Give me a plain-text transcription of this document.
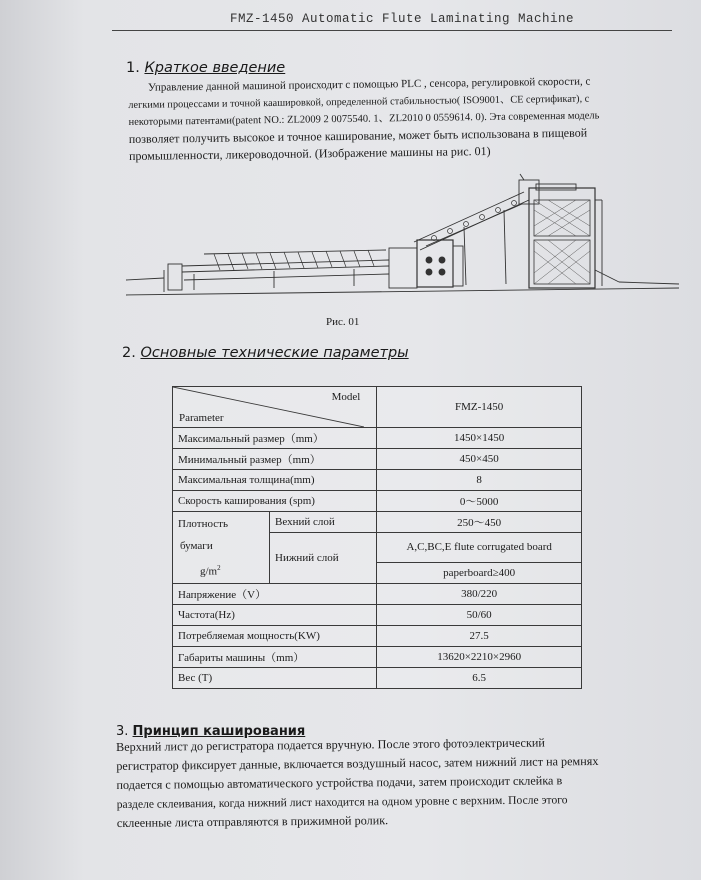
FMZ-1450 Automatic Flute Laminating Machine
1. Краткое введение

Управление данной машиной происходит с помощью PLC , сенсора, регулировкой скорости, с

легкими процессами и точной каашировкой, определенной стабильностью( ISO9001、CE сертификат), с

некоторыми патентами(patent NO.: ZL2009 2 0075540. 1、ZL2010 0 0559614. 0). Эта современная модель

позволяет получить высокое и точное каширование, может быть использована в пищевой

промышленности, ликероводочной. (Изображение машины на рис. 01)

Рис. 01
2. Основные технические параметры
Model
Parameter		FMZ-1450
Максимальный размер（mm）		1450×1450
Минимальный размер（mm）		450×450
Максимальная толщина(mm)		8
Скорость каширования (spm)		0～5000

Плотность
бумаги
$g/m^2$	Вехний слой	250～450
	Нижний слой	A,C,BC,E flute corrugated board
		paperboard≥400
Напряжение（V）		380/220
Частота(Hz)		50/60
Потребляемая мощность(KW)		27.5
Габариты машины（mm）		13620×2210×2960
Вес (T)		6.5
3. Принцип каширования

Верхний лист до регистратора подается вручную. После этого фотоэлектрический

регистратор фиксирует данные, включается воздушный насос, затем нижний лист на ремнях

подается с помощью автоматического устройства подачи, затем происходит склейка в

разделе склеивания, когда нижний лист находится на одном уровне с верхним. После этого

склеенные листа отправляются в прижимной ролик.
